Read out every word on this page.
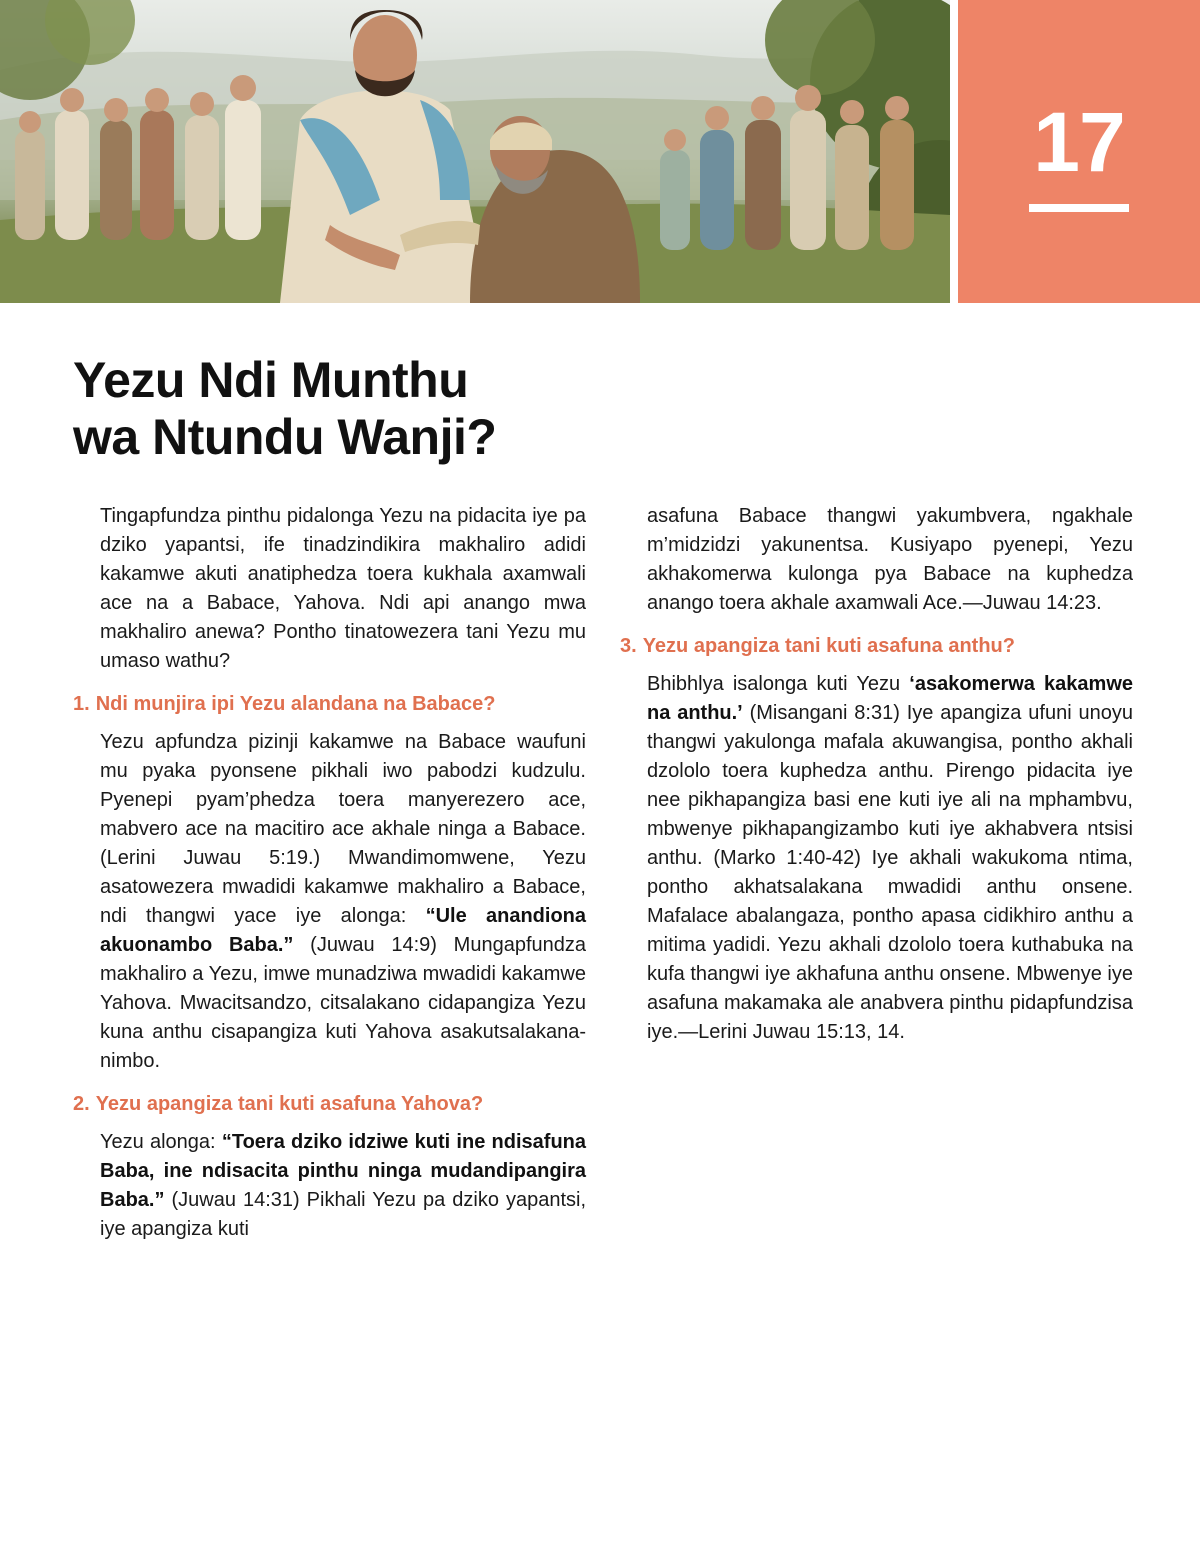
17
Yezu Ndi Munthu
wa Ntundu Wanji?

Tingapfundza pinthu pidalonga Yezu na pidacita iye pa dziko yapantsi, ife tinadzindikira makhaliro adidi kakamwe akuti anatiphedza toera kukhala axamwali ace na a Babace, Yahova. Ndi api anango mwa makhaliro anewa? Pontho tinatowezera tani Yezu mu umaso wathu?

1. Ndi munjira ipi Yezu alandana na Babace?

Yezu apfundza pizinji kakamwe na Babace waufuni mu pyaka pyonsene pikhali iwo pabodzi kudzulu. Pyenepi pyam’phedza toera manyerezero ace, mabvero ace na macitiro ace akhale ninga a Babace. (Lerini Juwau 5:19.) Mwandimomwene, Yezu asatowezera mwadidi kakamwe makhaliro a Babace, ndi thangwi yace iye alonga: “Ule anandiona akuonambo Baba.” (Juwau 14:9) Mungapfundza makhaliro a Yezu, imwe munadziwa mwadidi kakamwe Yahova. Mwacitsandzo, citsalakano cidapangiza Yezu kuna anthu cisapangiza kuti Yahova asakutsalakananimbo.

2. Yezu apangiza tani kuti asafuna Yahova?

Yezu alonga: “Toera dziko idziwe kuti ine ndisafuna Baba, ine ndisacita pinthu ninga mudandipangira Baba.” (Juwau 14:31) Pikhali Yezu pa dziko yapantsi, iye apangiza kuti

asafuna Babace thangwi yakumbvera, ngakhale m’midzidzi yakunentsa. Kusiyapo pyenepi, Yezu akhakomerwa kulonga pya Babace na kuphedza anango toera akhale axamwali Ace.—Juwau 14:23.

3. Yezu apangiza tani kuti asafuna anthu?

Bhibhlya isalonga kuti Yezu ‘asakomerwa kakamwe na anthu.’ (Misangani 8:31) Iye apangiza ufuni unoyu thangwi yakulonga mafala akuwangisa, pontho akhali dzololo toera kuphedza anthu. Pirengo pidacita iye nee pikhapangiza basi ene kuti iye ali na mphambvu, mbwenye pikhapangizambo kuti iye akhabvera ntsisi anthu. (Marko 1:40-42) Iye akhali wakukoma ntima, pontho akhatsalakana mwadidi anthu onsene. Mafalace abalangaza, pontho apasa cidikhiro anthu a mitima yadidi. Yezu akhali dzololo toera kuthabuka na kufa thangwi iye akhafuna anthu onsene. Mbwenye iye asafuna makamaka ale anabvera pinthu pidapfundzisa iye.—Lerini Juwau 15:13, 14.
